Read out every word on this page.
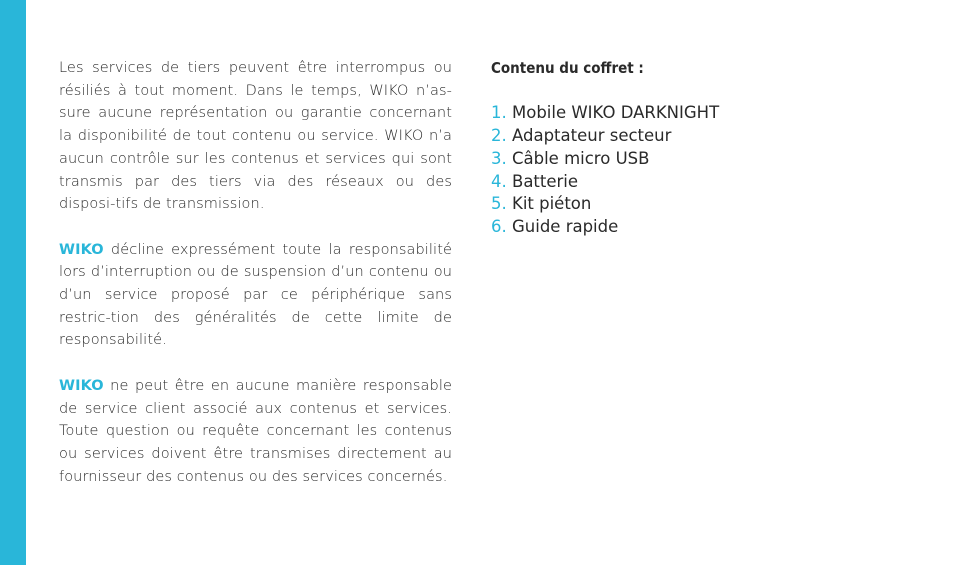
Les services de tiers peuvent être interrompus ou résiliés à tout moment. Dans le temps, WIKO n’as-sure aucune représentation ou garantie concernant la disponibilité de tout contenu ou service. WIKO n’a aucun contrôle sur les contenus et services qui sont transmis par des tiers via des réseaux ou des disposi-tifs de transmission.

WIKO décline expressément toute la responsabilité lors d’interruption ou de suspension d’un contenu ou d’un service proposé par ce périphérique sans restric-tion des généralités de cette limite de responsabilité.

WIKO ne peut être en aucune manière responsable de service client associé aux contenus et services. Toute question ou requête concernant les contenus ou services doivent être transmises directement au fournisseur des contenus ou des services concernés.

Contenu du coffret :
1. Mobile WIKO DARKNIGHT
2. Adaptateur secteur
3. Câble micro USB
4. Batterie
5. Kit piéton
6. Guide rapide
